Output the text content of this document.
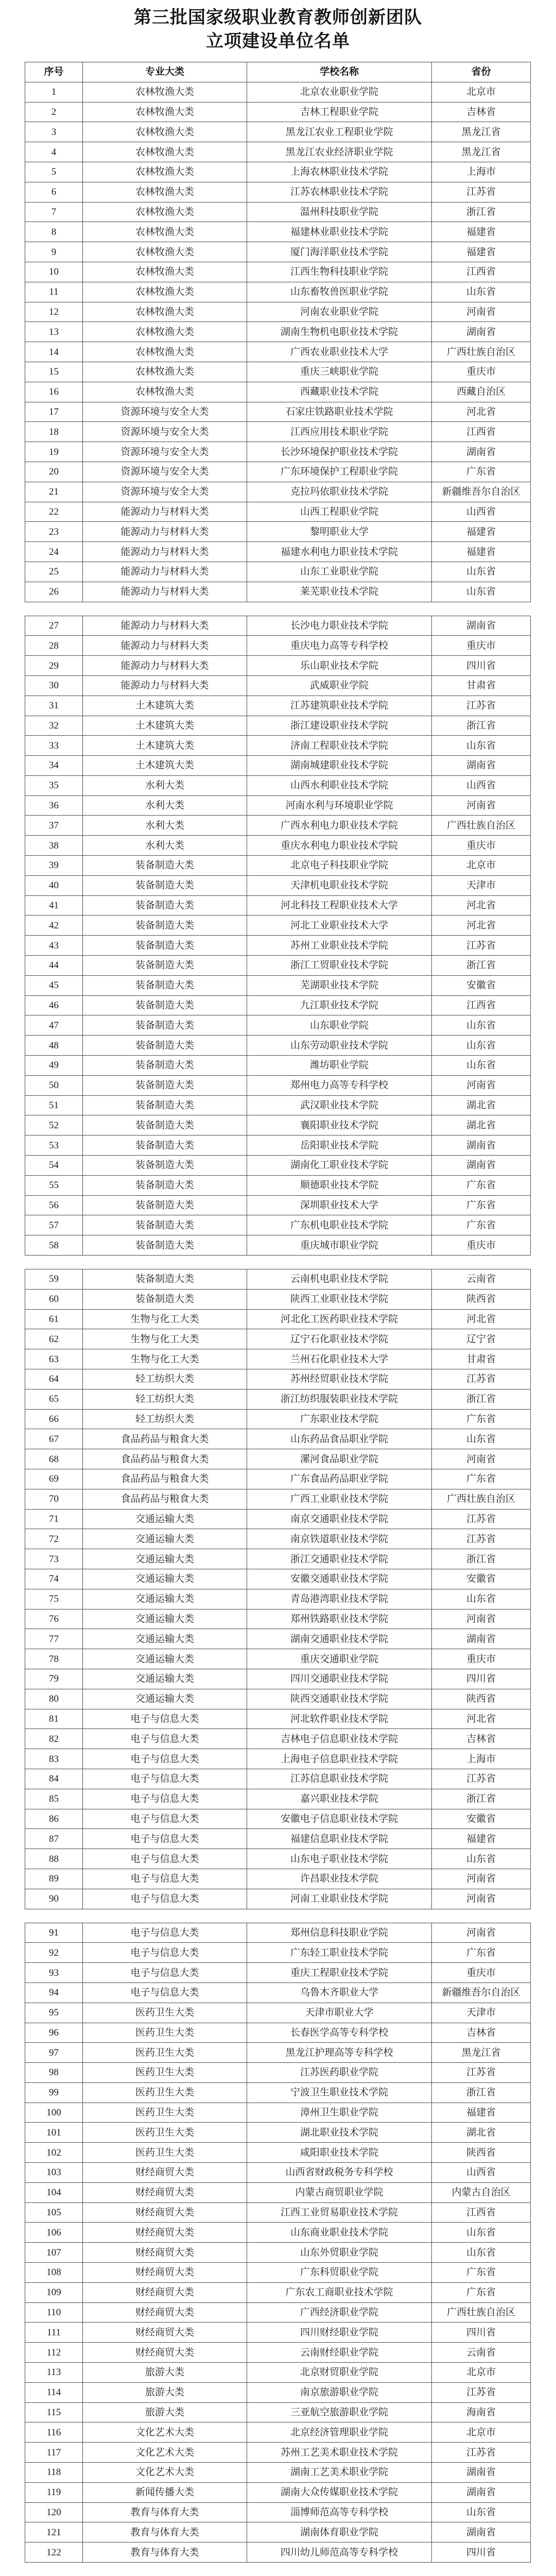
第三批国家级职业教育教师创新团队
立项建设单位名单
序号	专业大类	学校名称	省份
1	农林牧渔大类	北京农业职业学院	北京市
2	农林牧渔大类	吉林工程职业学院	吉林省
3	农林牧渔大类	黑龙江农业工程职业学院	黑龙江省
4	农林牧渔大类	黑龙江农业经济职业学院	黑龙江省
5	农林牧渔大类	上海农林职业技术学院	上海市
6	农林牧渔大类	江苏农林职业技术学院	江苏省
7	农林牧渔大类	温州科技职业学院	浙江省
8	农林牧渔大类	福建林业职业技术学院	福建省
9	农林牧渔大类	厦门海洋职业技术学院	福建省
10	农林牧渔大类	江西生物科技职业学院	江西省
11	农林牧渔大类	山东畜牧兽医职业学院	山东省
12	农林牧渔大类	河南农业职业学院	河南省
13	农林牧渔大类	湖南生物机电职业技术学院	湖南省
14	农林牧渔大类	广西农业职业技术大学	广西壮族自治区
15	农林牧渔大类	重庆三峡职业学院	重庆市
16	农林牧渔大类	西藏职业技术学院	西藏自治区
17	资源环境与安全大类	石家庄铁路职业技术学院	河北省
18	资源环境与安全大类	江西应用技术职业学院	江西省
19	资源环境与安全大类	长沙环境保护职业技术学院	湖南省
20	资源环境与安全大类	广东环境保护工程职业学院	广东省
21	资源环境与安全大类	克拉玛依职业技术学院	新疆维吾尔自治区
22	能源动力与材料大类	山西工程职业学院	山西省
23	能源动力与材料大类	黎明职业大学	福建省
24	能源动力与材料大类	福建水利电力职业技术学院	福建省
25	能源动力与材料大类	山东工业职业学院	山东省
26	能源动力与材料大类	莱芜职业技术学院	山东省
27	能源动力与材料大类	长沙电力职业技术学院	湖南省
28	能源动力与材料大类	重庆电力高等专科学校	重庆市
29	能源动力与材料大类	乐山职业技术学院	四川省
30	能源动力与材料大类	武威职业学院	甘肃省
31	土木建筑大类	江苏建筑职业技术学院	江苏省
32	土木建筑大类	浙江建设职业技术学院	浙江省
33	土木建筑大类	济南工程职业技术学院	山东省
34	土木建筑大类	湖南城建职业技术学院	湖南省
35	水利大类	山西水利职业技术学院	山西省
36	水利大类	河南水利与环境职业学院	河南省
37	水利大类	广西水利电力职业技术学院	广西壮族自治区
38	水利大类	重庆水利电力职业技术学院	重庆市
39	装备制造大类	北京电子科技职业学院	北京市
40	装备制造大类	天津机电职业技术学院	天津市
41	装备制造大类	河北科技工程职业技术大学	河北省
42	装备制造大类	河北工业职业技术大学	河北省
43	装备制造大类	苏州工业职业技术学院	江苏省
44	装备制造大类	浙江工贸职业技术学院	浙江省
45	装备制造大类	芜湖职业技术学院	安徽省
46	装备制造大类	九江职业技术学院	江西省
47	装备制造大类	山东职业学院	山东省
48	装备制造大类	山东劳动职业技术学院	山东省
49	装备制造大类	潍坊职业学院	山东省
50	装备制造大类	郑州电力高等专科学校	河南省
51	装备制造大类	武汉职业技术学院	湖北省
52	装备制造大类	襄阳职业技术学院	湖北省
53	装备制造大类	岳阳职业技术学院	湖南省
54	装备制造大类	湖南化工职业技术学院	湖南省
55	装备制造大类	顺德职业技术学院	广东省
56	装备制造大类	深圳职业技术大学	广东省
57	装备制造大类	广东机电职业技术学院	广东省
58	装备制造大类	重庆城市职业学院	重庆市
59	装备制造大类	云南机电职业技术学院	云南省
60	装备制造大类	陕西工业职业技术学院	陕西省
61	生物与化工大类	河北化工医药职业技术学院	河北省
62	生物与化工大类	辽宁石化职业技术学院	辽宁省
63	生物与化工大类	兰州石化职业技术大学	甘肃省
64	轻工纺织大类	苏州经贸职业技术学院	江苏省
65	轻工纺织大类	浙江纺织服装职业技术学院	浙江省
66	轻工纺织大类	广东职业技术学院	广东省
67	食品药品与粮食大类	山东药品食品职业学院	山东省
68	食品药品与粮食大类	漯河食品职业学院	河南省
69	食品药品与粮食大类	广东食品药品职业学院	广东省
70	食品药品与粮食大类	广西工业职业技术学院	广西壮族自治区
71	交通运输大类	南京交通职业技术学院	江苏省
72	交通运输大类	南京铁道职业技术学院	江苏省
73	交通运输大类	浙江交通职业技术学院	浙江省
74	交通运输大类	安徽交通职业技术学院	安徽省
75	交通运输大类	青岛港湾职业技术学院	山东省
76	交通运输大类	郑州铁路职业技术学院	河南省
77	交通运输大类	湖南交通职业技术学院	湖南省
78	交通运输大类	重庆交通职业学院	重庆市
79	交通运输大类	四川交通职业技术学院	四川省
80	交通运输大类	陕西交通职业技术学院	陕西省
81	电子与信息大类	河北软件职业技术学院	河北省
82	电子与信息大类	吉林电子信息职业技术学院	吉林省
83	电子与信息大类	上海电子信息职业技术学院	上海市
84	电子与信息大类	江苏信息职业技术学院	江苏省
85	电子与信息大类	嘉兴职业技术学院	浙江省
86	电子与信息大类	安徽电子信息职业技术学院	安徽省
87	电子与信息大类	福建信息职业技术学院	福建省
88	电子与信息大类	山东电子职业技术学院	山东省
89	电子与信息大类	许昌职业技术学院	河南省
90	电子与信息大类	河南工业职业技术学院	河南省
91	电子与信息大类	郑州信息科技职业学院	河南省
92	电子与信息大类	广东轻工职业技术学院	广东省
93	电子与信息大类	重庆工程职业技术学院	重庆市
94	电子与信息大类	乌鲁木齐职业大学	新疆维吾尔自治区
95	医药卫生大类	天津市职业大学	天津市
96	医药卫生大类	长春医学高等专科学校	吉林省
97	医药卫生大类	黑龙江护理高等专科学校	黑龙江省
98	医药卫生大类	江苏医药职业学院	江苏省
99	医药卫生大类	宁波卫生职业技术学院	浙江省
100	医药卫生大类	漳州卫生职业学院	福建省
101	医药卫生大类	湖北职业技术学院	湖北省
102	医药卫生大类	咸阳职业技术学院	陕西省
103	财经商贸大类	山西省财政税务专科学校	山西省
104	财经商贸大类	内蒙古商贸职业学院	内蒙古自治区
105	财经商贸大类	江西工业贸易职业技术学院	江西省
106	财经商贸大类	山东商业职业技术学院	山东省
107	财经商贸大类	山东外贸职业学院	山东省
108	财经商贸大类	广东科贸职业学院	广东省
109	财经商贸大类	广东农工商职业技术学院	广东省
110	财经商贸大类	广西经济职业学院	广西壮族自治区
111	财经商贸大类	四川财经职业学院	四川省
112	财经商贸大类	云南财经职业学院	云南省
113	旅游大类	北京财贸职业学院	北京市
114	旅游大类	南京旅游职业学院	江苏省
115	旅游大类	三亚航空旅游职业学院	海南省
116	文化艺术大类	北京经济管理职业学院	北京市
117	文化艺术大类	苏州工艺美术职业技术学院	江苏省
118	文化艺术大类	湖南工艺美术职业学院	湖南省
119	新闻传播大类	湖南大众传媒职业技术学院	湖南省
120	教育与体育大类	淄博师范高等专科学校	山东省
121	教育与体育大类	湖南体育职业学院	湖南省
122	教育与体育大类	四川幼儿师范高等专科学校	四川省
